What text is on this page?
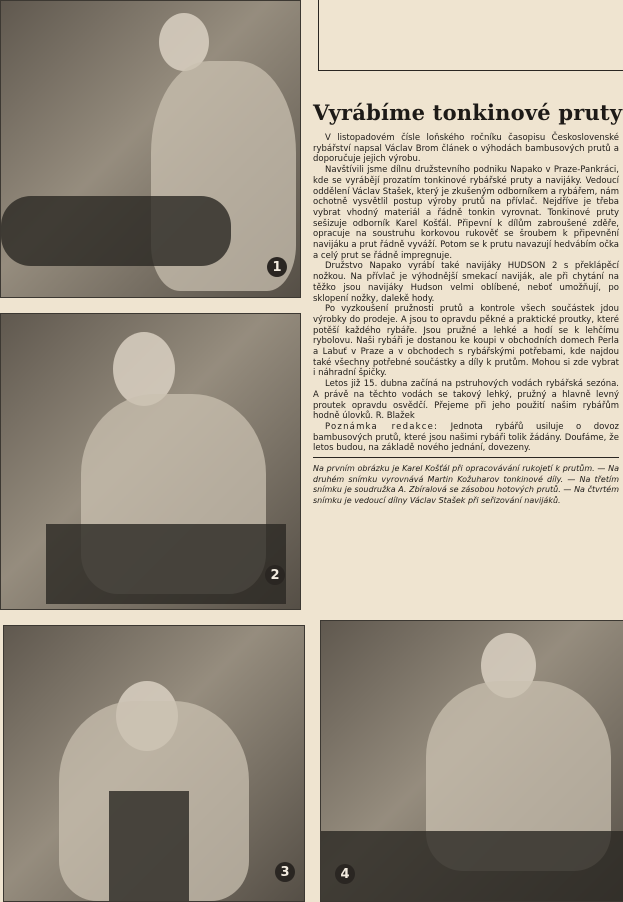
1
2
3	4
Vyrábíme tonkinové pruty

V listopadovém čísle loňského ročníku časopisu Československé rybářství napsal Václav Brom článek o výhodách bambusových prutů a doporučuje jejich výrobu.

Navštívili jsme dílnu družstevního podniku Napako v Praze-Pankráci, kde se vyrábějí prozatím tonkinové rybářské pruty a navijáky. Vedoucí oddělení Václav Stašek, který je zkušeným odborníkem a rybářem, nám ochotně vysvětlil postup výroby prutů na přívlač. Nejdříve je třeba vybrat vhodný materiál a řádně tonkin vyrovnat. Tonkinové pruty sešizuje odborník Karel Košťál. Připevní k dílům zabroušené zděře, opracuje na soustruhu korkovou rukověť se šroubem k připevnění navijáku a prut řádně vyváží. Potom se k prutu navazují hedvábím očka a celý prut se řádně impregnuje.

Družstvo Napako vyrábí také navijáky HUDSON 2 s překlápěcí nožkou. Na přívlač je výhodnější smekací naviják, ale při chytání na těžko jsou navijáky Hudson velmi oblíbené, neboť umožňují, po sklopení nožky, dalekě hody.

Po vyzkoušení pružnosti prutů a kontrole všech součástek jdou výrobky do prodeje. A jsou to opravdu pěkné a praktické proutky, které potěší každého rybáře. Jsou pružné a lehké a hodí se k lehčímu rybolovu. Naši rybáři je dostanou ke koupi v obchodních domech Perla a Labuť v Praze a v obchodech s rybářskými potřebami, kde najdou také všechny potřebné součástky a díly k prutům. Mohou si zde vybrat i náhradní špičky.

Letos již 15. dubna začíná na pstruhových vodách rybářská sezóna. A právě na těchto vodách se takový lehký, pružný a hlavně levný proutek opravdu osvědčí. Přejeme při jeho použití našim rybářům hodně úlovků. R. Blažek

Poznámka redakce: Jednota rybářů usiluje o dovoz bambusových prutů, které jsou našimi rybáři tolik žádány. Doufáme, že letos budou, na základě nového jednání, dovezeny.

Na prvním obrázku je Karel Košťál při opracovávání rukojetí k prutům. — Na druhém snímku vyrovnává Martin Kožuharov tonkinové díly. — Na třetím snímku je soudružka A. Zbíralová se zásobou hotových prutů. — Na čtvrtém snímku je vedoucí dílny Václav Stašek při seřizování navijáků.
